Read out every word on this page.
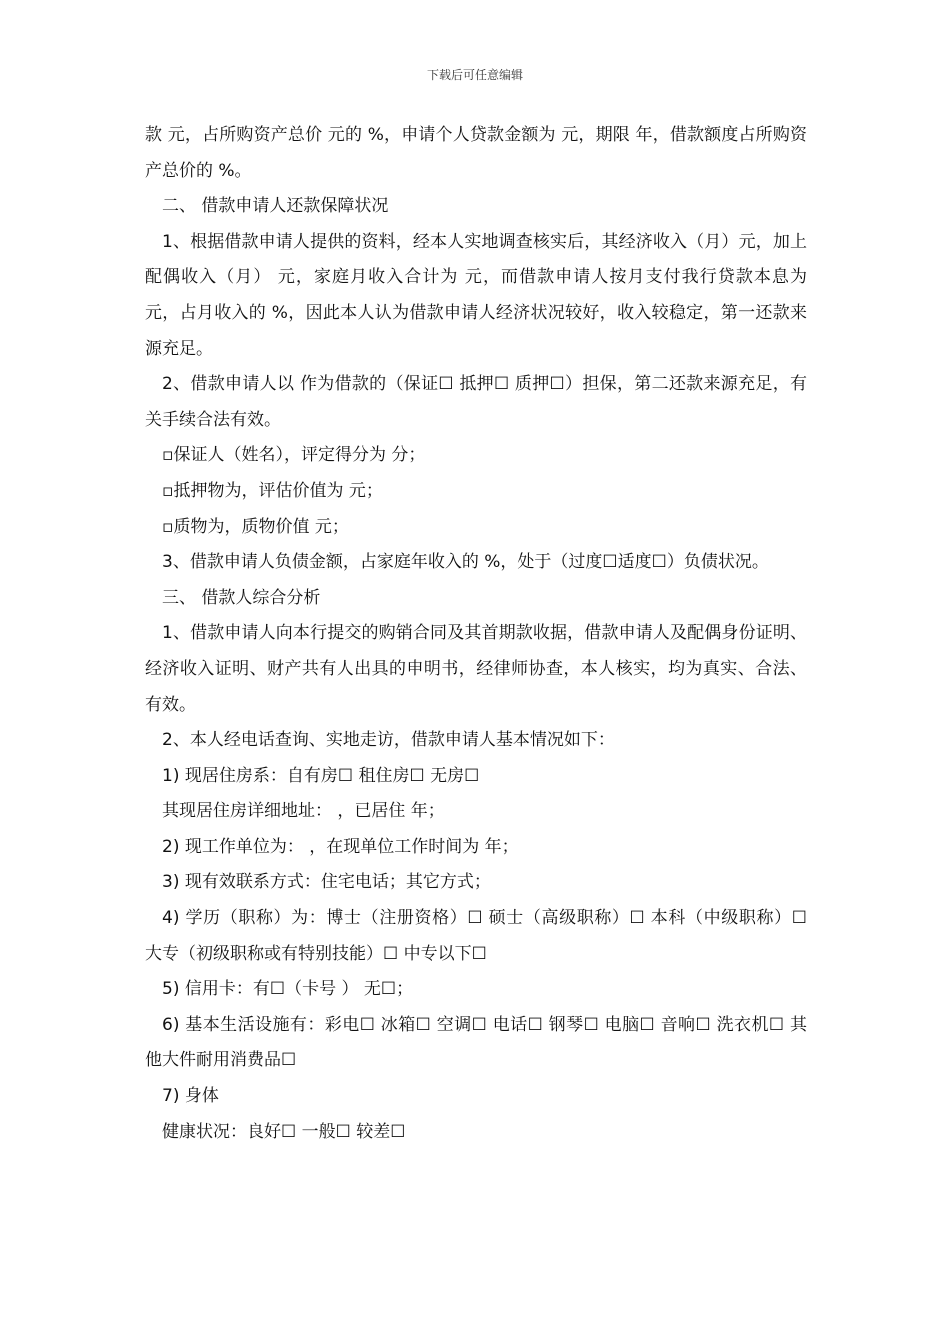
下载后可任意编辑

款 元，占所购资产总价 元的 %，申请个人贷款金额为 元，期限 年，借款额度占所购资产总价的 %。

二、 借款申请人还款保障状况

1、根据借款申请人提供的资料，经本人实地调查核实后，其经济收入（月）元，加上配偶收入（月） 元，家庭月收入合计为 元，而借款申请人按月支付我行贷款本息为 元，占月收入的 %，因此本人认为借款申请人经济状况较好，收入较稳定，第一还款来源充足。

2、借款申请人以 作为借款的（保证☐ 抵押☐ 质押☐）担保，第二还款来源充足，有关手续合法有效。

▫保证人（姓名），评定得分为 分；

▫抵押物为，评估价值为 元；

▫质物为，质物价值 元；

3、借款申请人负债金额，占家庭年收入的 %，处于（过度☐适度☐）负债状况。

三、 借款人综合分析

1、借款申请人向本行提交的购销合同及其首期款收据，借款申请人及配偶身份证明、经济收入证明、财产共有人出具的申明书，经律师协查，本人核实，均为真实、合法、有效。

2、本人经电话查询、实地走访，借款申请人基本情况如下：

1) 现居住房系：自有房☐ 租住房☐ 无房☐

其现居住房详细地址： ，已居住 年；

2) 现工作单位为： ，在现单位工作时间为 年；

3) 现有效联系方式：住宅电话；其它方式；

4) 学历（职称）为：博士（注册资格）☐ 硕士（高级职称）☐ 本科（中级职称）☐ 大专（初级职称或有特别技能）☐ 中专以下☐

5) 信用卡：有☐（卡号 ） 无☐；

6) 基本生活设施有：彩电☐ 冰箱☐ 空调☐ 电话☐ 钢琴☐ 电脑☐ 音响☐ 洗衣机☐ 其他大件耐用消费品☐

7) 身体

健康状况：良好☐ 一般☐ 较差☐
